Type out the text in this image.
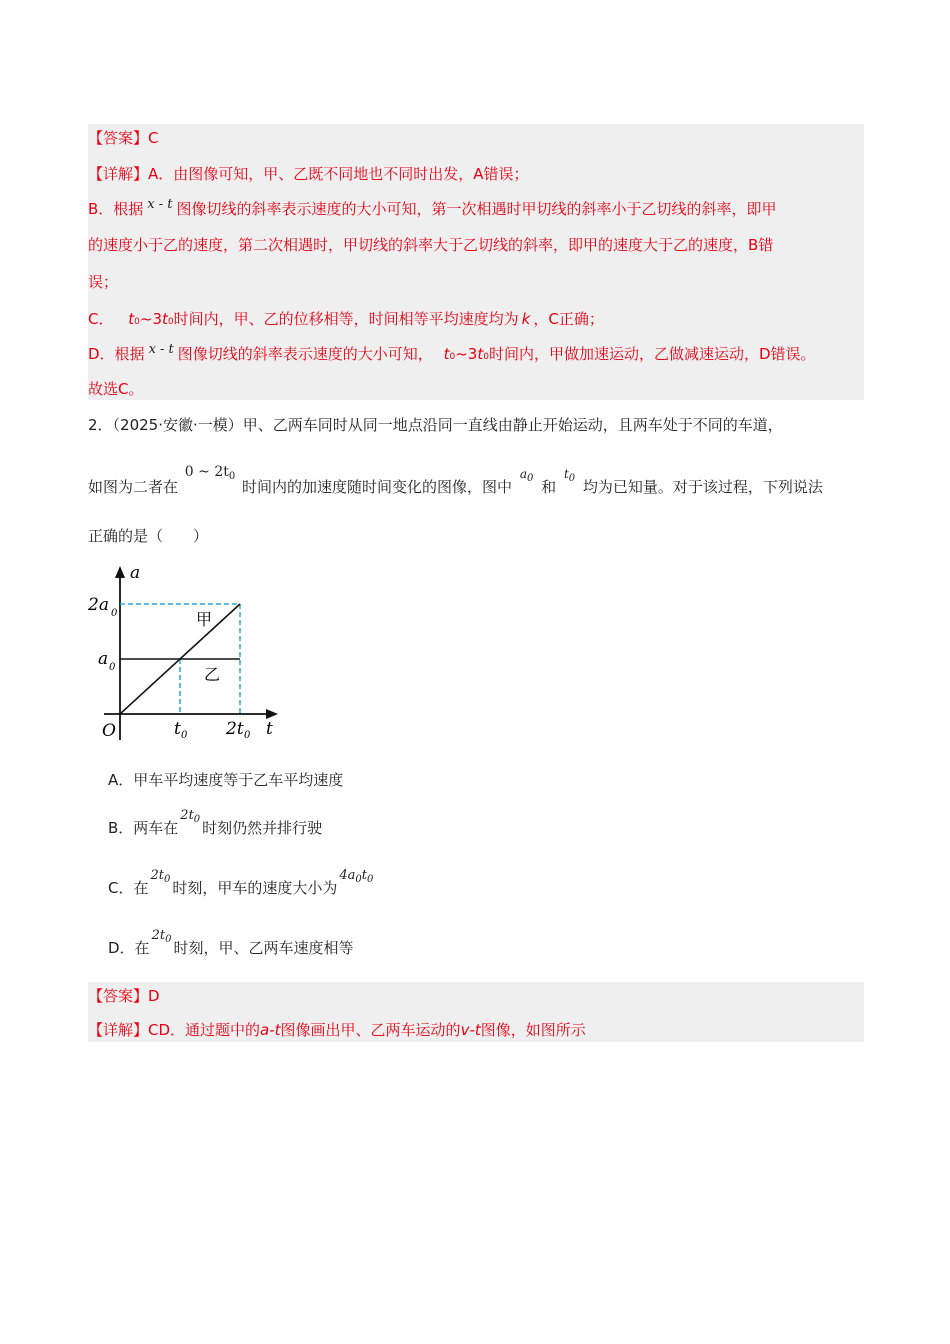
【答案】C
【详解】A．由图像可知，甲、乙既不同地也不同时出发，A错误；
B．根据 x - t 图像切线的斜率表示速度的大小可知，第一次相遇时甲切线的斜率小于乙切线的斜率，即甲
的速度小于乙的速度，第二次相遇时，甲切线的斜率大于乙切线的斜率，即甲的速度大于乙的速度，B错
误；
C． t0~3t0时间内，甲、乙的位移相等，时间相等平均速度均为 k ，C正确；
D．根据 x - t 图像切线的斜率表示速度的大小可知， t0~3t0时间内，甲做加速运动，乙做减速运动，D错误。
故选C。
2．（2025·安徽·一模）甲、乙两车同时从同一地点沿同一直线由静止开始运动，且两车处于不同的车道，
如图为二者在 0 ~ $2t_0$ 时间内的加速度随时间变化的图像，图中 $^{a_0}$ 和 $^{t_0}$ 均为已知量。对于该过程，下列说法
正确的是（　　）
a
t
O
2a 0
a 0
t 0 2t 0
甲
乙
A．甲车平均速度等于乙车平均速度
B．两车在$2t_0$ 时刻仍然并排行驶
C．在$2t_0$ 时刻，甲车的速度大小为$4a_0t_0$
D．在$2t_0$ 时刻，甲、乙两车速度相等
【答案】D
【详解】CD．通过题中的a-t图像画出甲、乙两车运动的v-t图像，如图所示
